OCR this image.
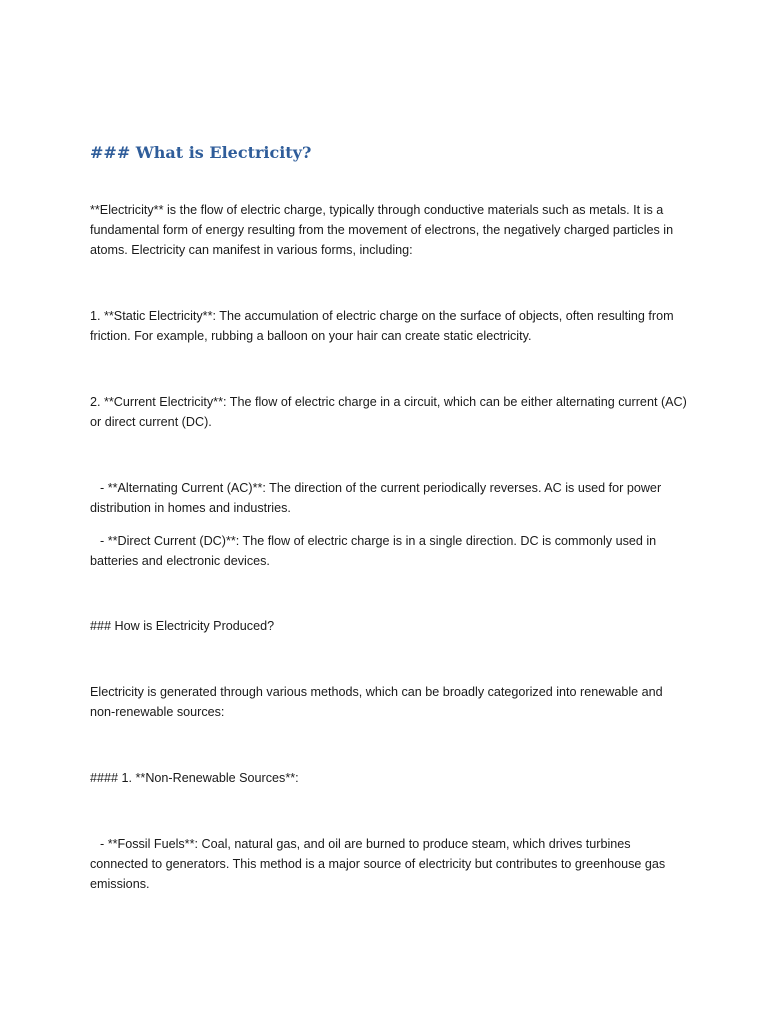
### What is Electricity?

**Electricity** is the flow of electric charge, typically through conductive materials such as metals. It is a fundamental form of energy resulting from the movement of electrons, the negatively charged particles in atoms. Electricity can manifest in various forms, including:

1. **Static Electricity**: The accumulation of electric charge on the surface of objects, often resulting from friction. For example, rubbing a balloon on your hair can create static electricity.

2. **Current Electricity**: The flow of electric charge in a circuit, which can be either alternating current (AC) or direct current (DC).

- **Alternating Current (AC)**: The direction of the current periodically reverses. AC is used for power distribution in homes and industries.

- **Direct Current (DC)**: The flow of electric charge is in a single direction. DC is commonly used in batteries and electronic devices.

### How is Electricity Produced?

Electricity is generated through various methods, which can be broadly categorized into renewable and non-renewable sources:

#### 1. **Non-Renewable Sources**:

- **Fossil Fuels**: Coal, natural gas, and oil are burned to produce steam, which drives turbines connected to generators. This method is a major source of electricity but contributes to greenhouse gas emissions.
